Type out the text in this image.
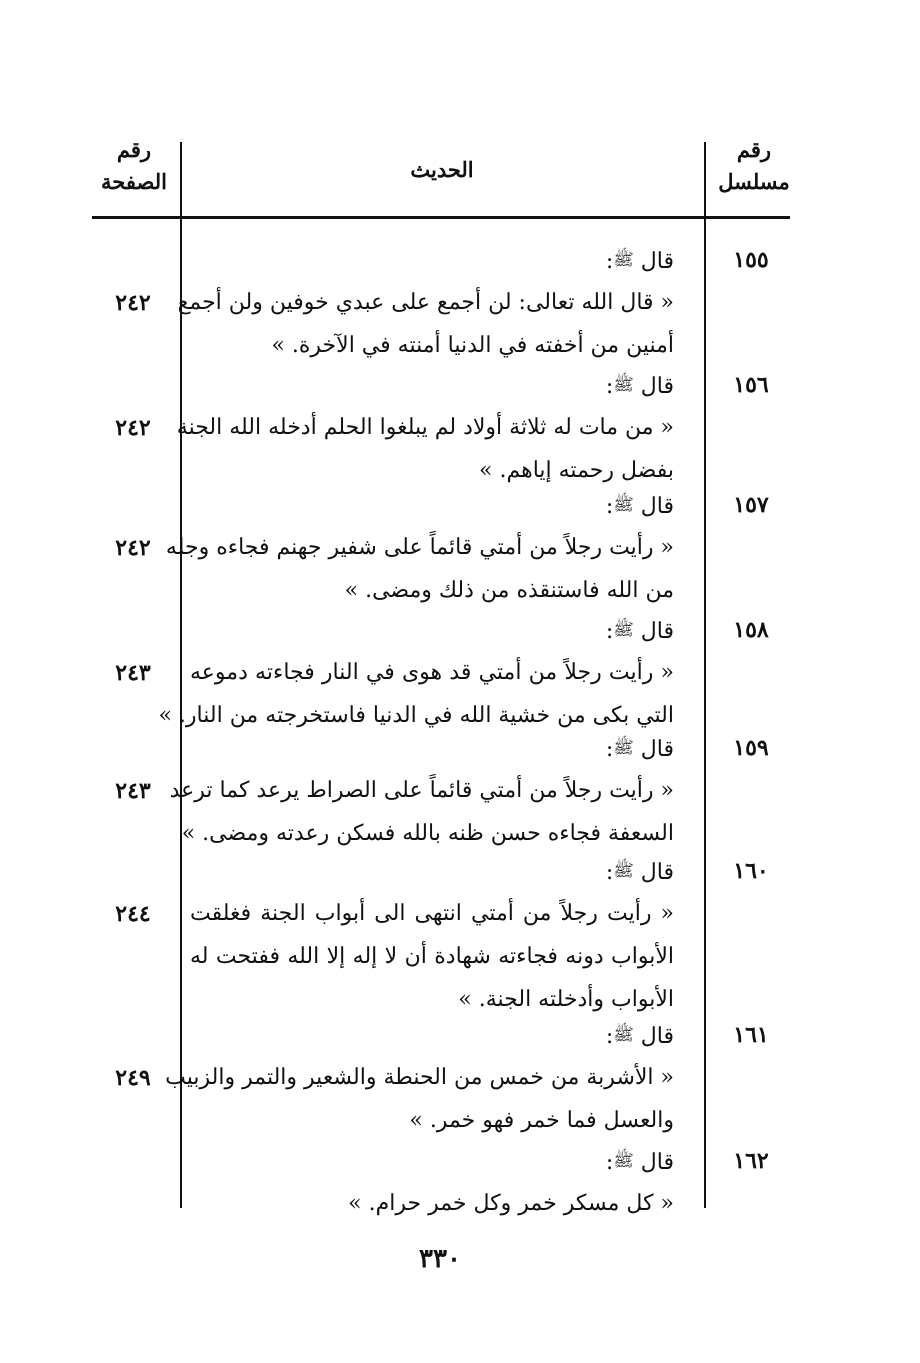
رقم
مسلسل
الحديث
رقم
الصفحة
١٥٥
قال ﷺ:
« قال الله تعالى: لن أجمع على عبدي خوفين ولن أجمع
أمنين من أخفته في الدنيا أمنته في الآخرة. »
٢٤٢
١٥٦
قال ﷺ:
« من مات له ثلاثة أولاد لم يبلغوا الحلم أدخله الله الجنة
بفضل رحمته إياهم. »
٢٤٢
١٥٧
قال ﷺ:
« رأيت رجلاً من أمتي قائماً على شفير جهنم فجاءه وجله
من الله فاستنقذه من ذلك ومضى. »
٢٤٢
١٥٨
قال ﷺ:
« رأيت رجلاً من أمتي قد هوى في النار فجاءته دموعه
التي بكى من خشية الله في الدنيا فاستخرجته من النار. »
٢٤٣
١٥٩
قال ﷺ:
« رأيت رجلاً من أمتي قائماً على الصراط يرعد كما ترعد
السعفة فجاءه حسن ظنه بالله فسكن رعدته ومضى. »
٢٤٣
١٦٠
قال ﷺ:
« رأيت رجلاً من أمتي انتهى الى أبواب الجنة فغلقت
الأبواب دونه فجاءته شهادة أن لا إله إلا الله ففتحت له
الأبواب وأدخلته الجنة. »
٢٤٤
١٦١
قال ﷺ:
« الأشربة من خمس من الحنطة والشعير والتمر والزبيب
والعسل فما خمر فهو خمر. »
٢٤٩
١٦٢
قال ﷺ:
« كل مسكر خمر وكل خمر حرام. »
٣٣٠
